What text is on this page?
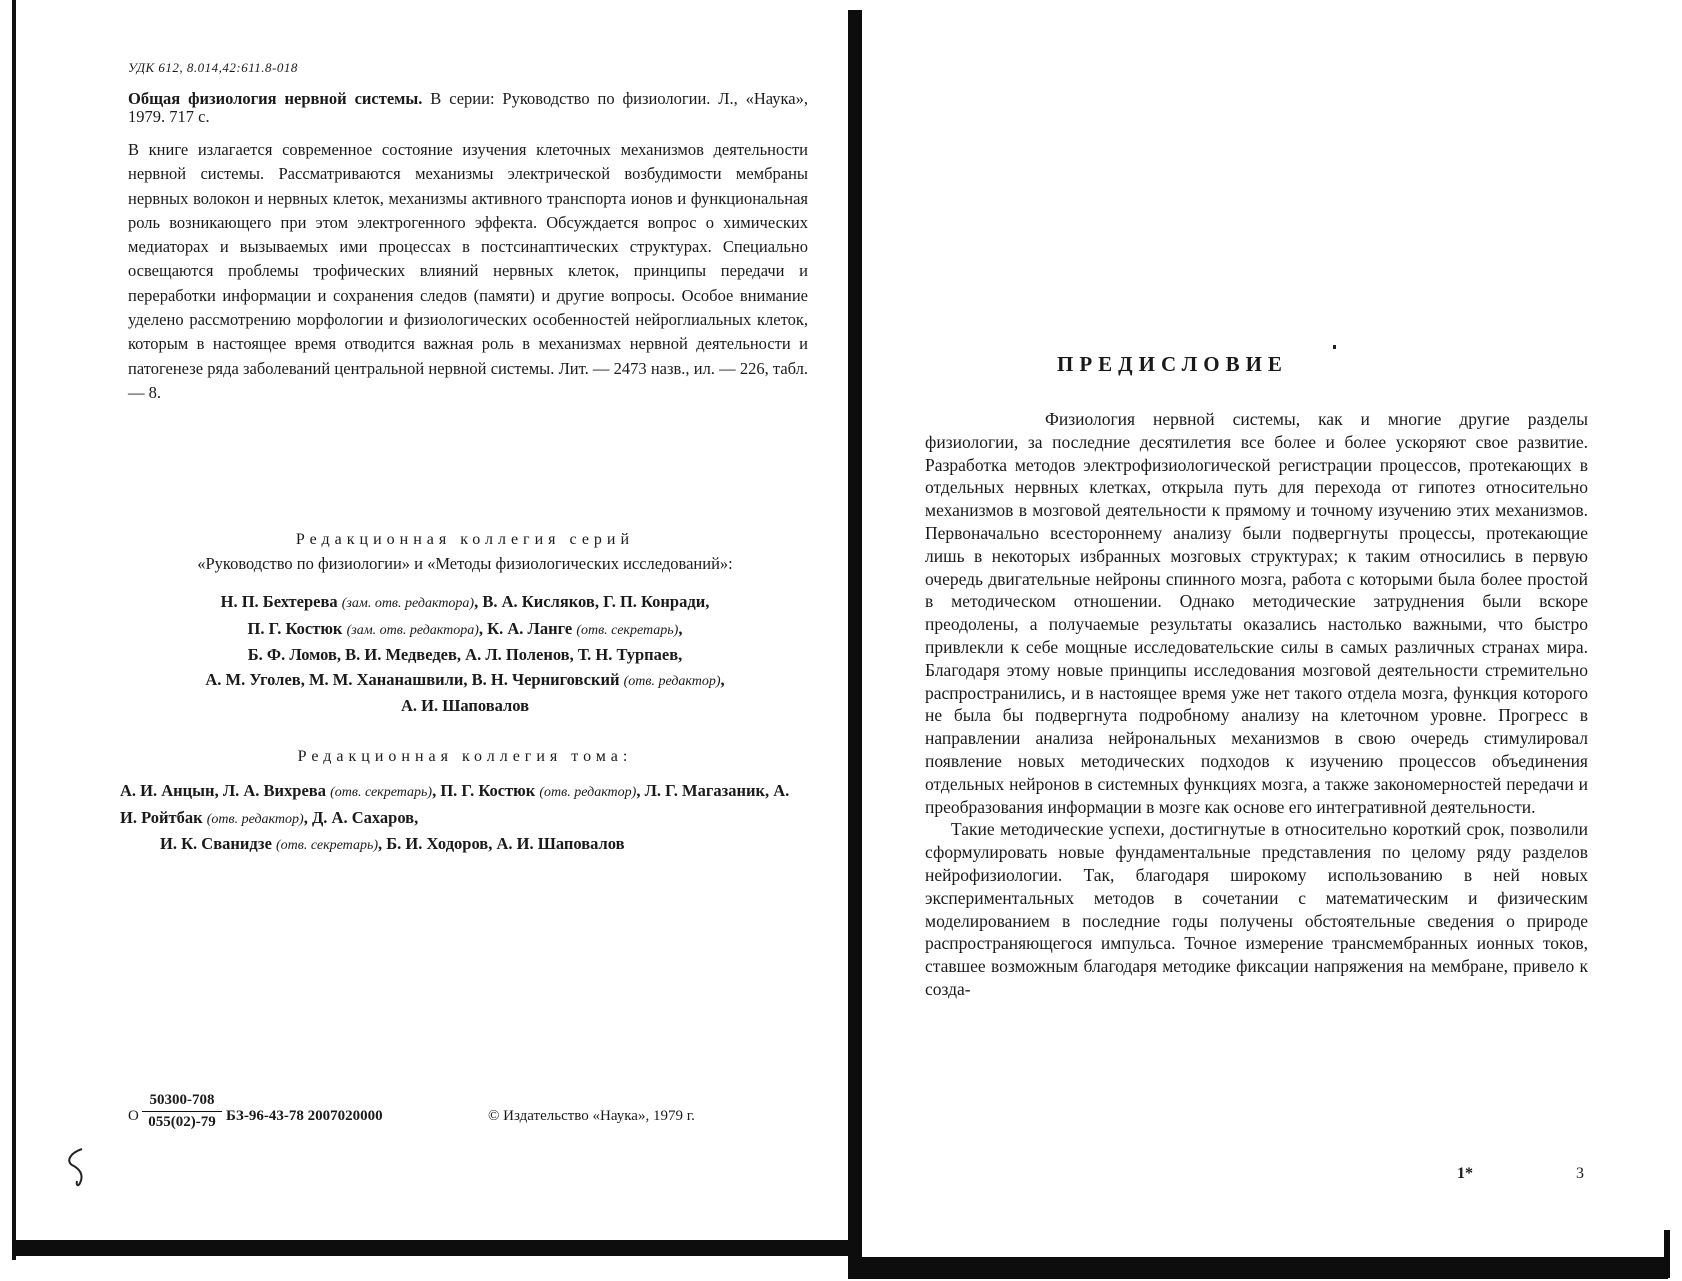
УДК 612, 8.014,42:611.8-018

Общая физиология нервной системы. В серии: Руководство по физиологии. Л., «Наука», 1979. 717 с.

В книге излагается современное состояние изучения клеточных механизмов деятельности нервной системы. Рассматриваются механизмы электрической возбудимости мембраны нервных волокон и нервных клеток, механизмы активного транспорта ионов и функциональная роль возникающего при этом электрогенного эффекта. Обсуждается вопрос о химических медиаторах и вызываемых ими процессах в постсинаптических структурах. Специально освещаются проблемы трофических влияний нервных клеток, принципы передачи и переработки информации и сохранения следов (памяти) и другие вопросы. Особое внимание уделено рассмотрению морфологии и физиологических особенностей нейроглиальных клеток, которым в настоящее время отводится важная роль в механизмах нервной деятельности и патогенезе ряда заболеваний центральной нервной системы. Лит. — 2473 назв., ил. — 226, табл. — 8.

Редакционная коллегия серий

«Руководство по физиологии» и «Методы физиологических исследований»:

Н. П. Бехтерева (зам. отв. редактора), В. А. Кисляков, Г. П. Конради,
П. Г. Костюк (зам. отв. редактора), К. А. Ланге (отв. секретарь),
Б. Ф. Ломов, В. И. Медведев, А. Л. Поленов, Т. Н. Турпаев,
А. М. Уголев, М. М. Хананашвили, В. Н. Черниговский (отв. редактор),
А. И. Шаповалов

Редакционная коллегия тома:

А. И. Анцын, Л. А. Вихрева (отв. секретарь), П. Г. Костюк (отв. редактор), Л. Г. Магазаник, А. И. Ройтбак (отв. редактор), Д. А. Сахаров,
И. К. Сванидзе (отв. секретарь), Б. И. Ходоров, А. И. Шаповалов

О $\frac{50300-708}{055(02)-79} БЗ-96-43-78$ 2007020000	© Издательство «Наука», 1979 г.
ПРЕДИСЛОВИЕ

Физиология нервной системы, как и многие другие разделы физиологии, за последние десятилетия все более и более ускоряют свое развитие. Разработка методов электрофизиологической регистрации процессов, протекающих в отдельных нервных клетках, открыла путь для перехода от гипотез относительно механизмов в мозговой деятельности к прямому и точному изучению этих механизмов. Первоначально всестороннему анализу были подвергнуты процессы, протекающие лишь в некоторых избранных мозговых структурах; к таким относились в первую очередь двигательные нейроны спинного мозга, работа с которыми была более простой в методическом отношении. Однако методические затруднения были вскоре преодолены, а получаемые результаты оказались настолько важными, что быстро привлекли к себе мощные исследовательские силы в самых различных странах мира. Благодаря этому новые принципы исследования мозговой деятельности стремительно распространились, и в настоящее время уже нет такого отдела мозга, функция которого не была бы подвергнута подробному анализу на клеточном уровне. Прогресс в направлении анализа нейрональных механизмов в свою очередь стимулировал появление новых методических подходов к изучению процессов объединения отдельных нейронов в системных функциях мозга, а также закономерностей передачи и преобразования информации в мозге как основе его интегративной деятельности.

Такие методические успехи, достигнутые в относительно короткий срок, позволили сформулировать новые фундаментальные представления по целому ряду разделов нейрофизиологии. Так, благодаря широкому использованию в ней новых экспериментальных методов в сочетании с математическим и физическим моделированием в последние годы получены обстоятельные сведения о природе распространяющегося импульса. Точное измерение трансмембранных ионных токов, ставшее возможным благодаря методике фиксации напряжения на мембране, привело к созда-

1*	3
